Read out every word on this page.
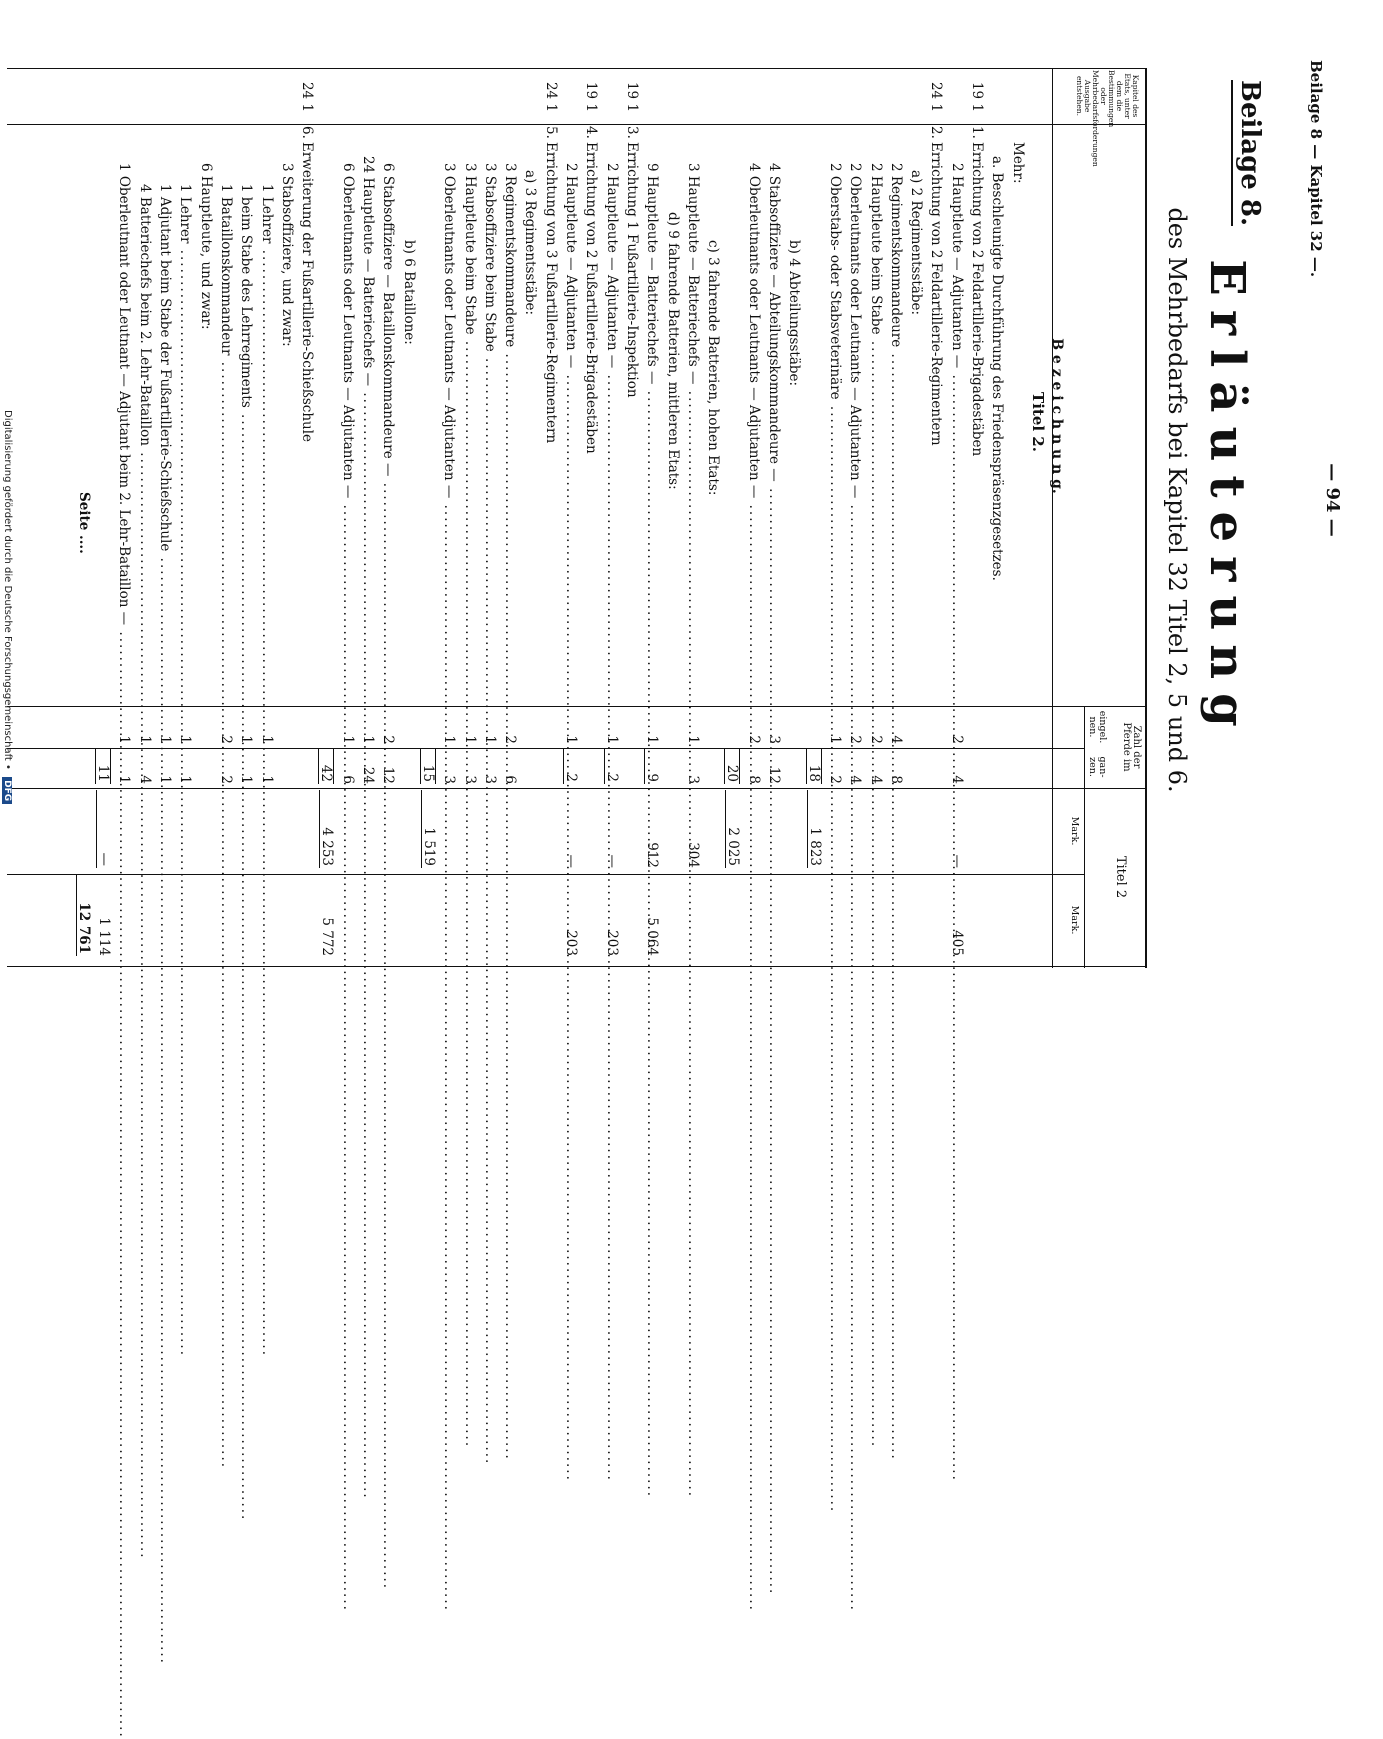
Beilage 8 — Kapitel 32 —.
— 94 —
Beilage 8.
Erläuterung
des Mehrbedarfs bei Kapitel 32 Titel 2, 5 und 6.
Kapitel des Etats, unter dem die Bestimmungen oder Mehrbedarfsforderungen Ausgabe entstehen.
B e z e i c h n u n g.
Zahl der Pferde im
eingel. nen.
gan- zen.
Titel 2
Mark.
Mark.
Titel 2.
Mehr:
a. Beschleunigte Durchführung des Friedenspräsenzgesetzes.
19 1
1.
Errichtung von 2 Feldartillerie-Brigadestäben
2 Hauptleute — Adjutanten — .....
2
4
—
405
24 1
2.
Errichtung von 2 Feldartillerie-Regimentern
a) 2 Regimentsstäbe:
2 Regimentskommandeure .....
4
8
2 Hauptleute beim Stabe .....
2
4
2 Oberleutnants oder Leutnants — Adjutanten — .....
2
4
2 Oberstabs- oder Stabsveterinäre .....
1
2
18
1 823
b) 4 Abteilungsstäbe:
4 Stabsoffiziere — Abteilungskommandeure — .....
3
12
4 Oberleutnants oder Leutnants — Adjutanten — .....
2
8
20
2 025
c) 3 fahrende Batterien, hohen Etats:
3 Hauptleute — Batteriechefs — .....
1
3
304
d) 9 fahrende Batterien, mittleren Etats:
9 Hauptleute — Batteriechefs — .....
1
9
912
5 064
19 1
3.
Errichtung 1 Fußartillerie-Inspektion
2 Hauptleute — Adjutanten — .....
1
2
—
203
19 1
4.
Errichtung von 2 Fußartillerie-Brigadestäben
2 Hauptleute — Adjutanten — .....
1
2
—
203
24 1
5.
Errichtung von 3 Fußartillerie-Regimentern
a) 3 Regimentsstäbe:
3 Regimentskommandeure .....
2
6
3 Stabsoffiziere beim Stabe .....
1
3
3 Hauptleute beim Stabe .....
1
3
3 Oberleutnants oder Leutnants — Adjutanten — .....
1
3
15
1 519
b) 6 Bataillone:
6 Stabsoffiziere — Bataillonskommandeure — .....
2
12
24 Hauptleute — Batteriechefs — .....
1
24
6 Oberleutnants oder Leutnants — Adjutanten — .....
1
6
42
4 253
5 772
24 1
6.
Erweiterung der Fußartillerie-Schießschule
3 Stabsoffiziere, und zwar:
1 Lehrer .....
1
1
1 beim Stabe des Lehrregiments .....
1
1
1 Bataillonskommandeur .....
2
2
6 Hauptleute, und zwar:
1 Lehrer .....
1
1
1 Adjutant beim Stabe der Fußartillerie-Schießschule .....
1
1
4 Batteriechefs beim 2. Lehr-Bataillon .....
1
4
1 Oberleutnant oder Leutnant — Adjutant beim 2. Lehr-Bataillon — .....
1
1
11
—
1 114
Seite ....
12 761
Digitalisierung gefördert durch die Deutsche Forschungsgemeinschaft • DFG
